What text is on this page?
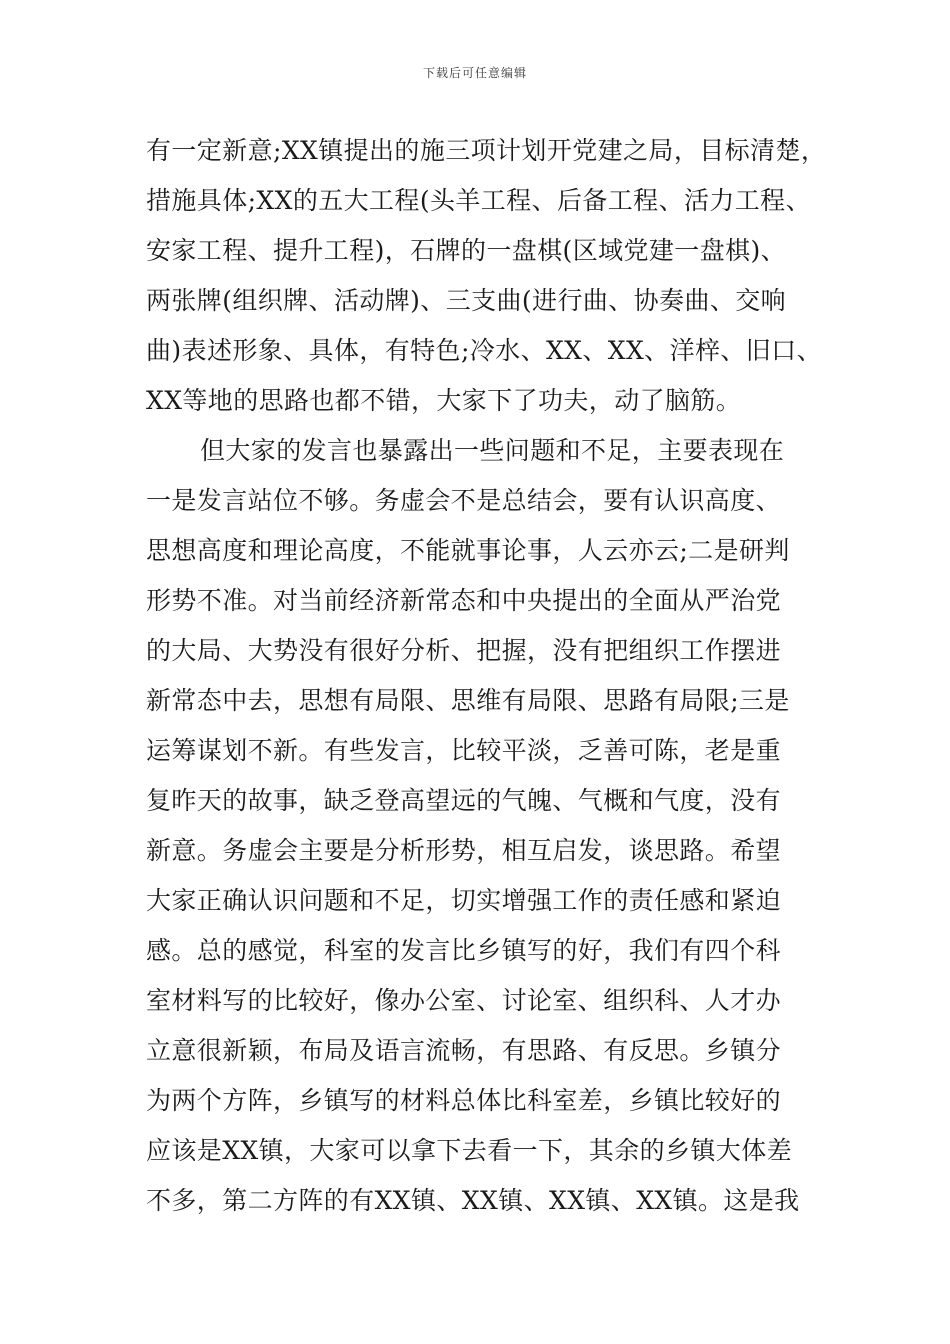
下载后可任意编辑
有一定新意;XX镇提出的施三项计划开党建之局，目标清楚，
措施具体;XX的五大工程(头羊工程、后备工程、活力工程、
安家工程、提升工程)，石牌的一盘棋(区域党建一盘棋)、
两张牌(组织牌、活动牌)、三支曲(进行曲、协奏曲、交响
曲)表述形象、具体，有特色;冷水、XX、XX、洋梓、旧口、
XX等地的思路也都不错，大家下了功夫，动了脑筋。
但大家的发言也暴露出一些问题和不足，主要表现在
一是发言站位不够。务虚会不是总结会，要有认识高度、
思想高度和理论高度，不能就事论事，人云亦云;二是研判
形势不准。对当前经济新常态和中央提出的全面从严治党
的大局、大势没有很好分析、把握，没有把组织工作摆进
新常态中去，思想有局限、思维有局限、思路有局限;三是
运筹谋划不新。有些发言，比较平淡，乏善可陈，老是重
复昨天的故事，缺乏登高望远的气魄、气概和气度，没有
新意。务虚会主要是分析形势，相互启发，谈思路。希望
大家正确认识问题和不足，切实增强工作的责任感和紧迫
感。总的感觉，科室的发言比乡镇写的好，我们有四个科
室材料写的比较好，像办公室、讨论室、组织科、人才办
立意很新颖，布局及语言流畅，有思路、有反思。乡镇分
为两个方阵，乡镇写的材料总体比科室差，乡镇比较好的
应该是XX镇，大家可以拿下去看一下，其余的乡镇大体差
不多，第二方阵的有XX镇、XX镇、XX镇、XX镇。这是我
